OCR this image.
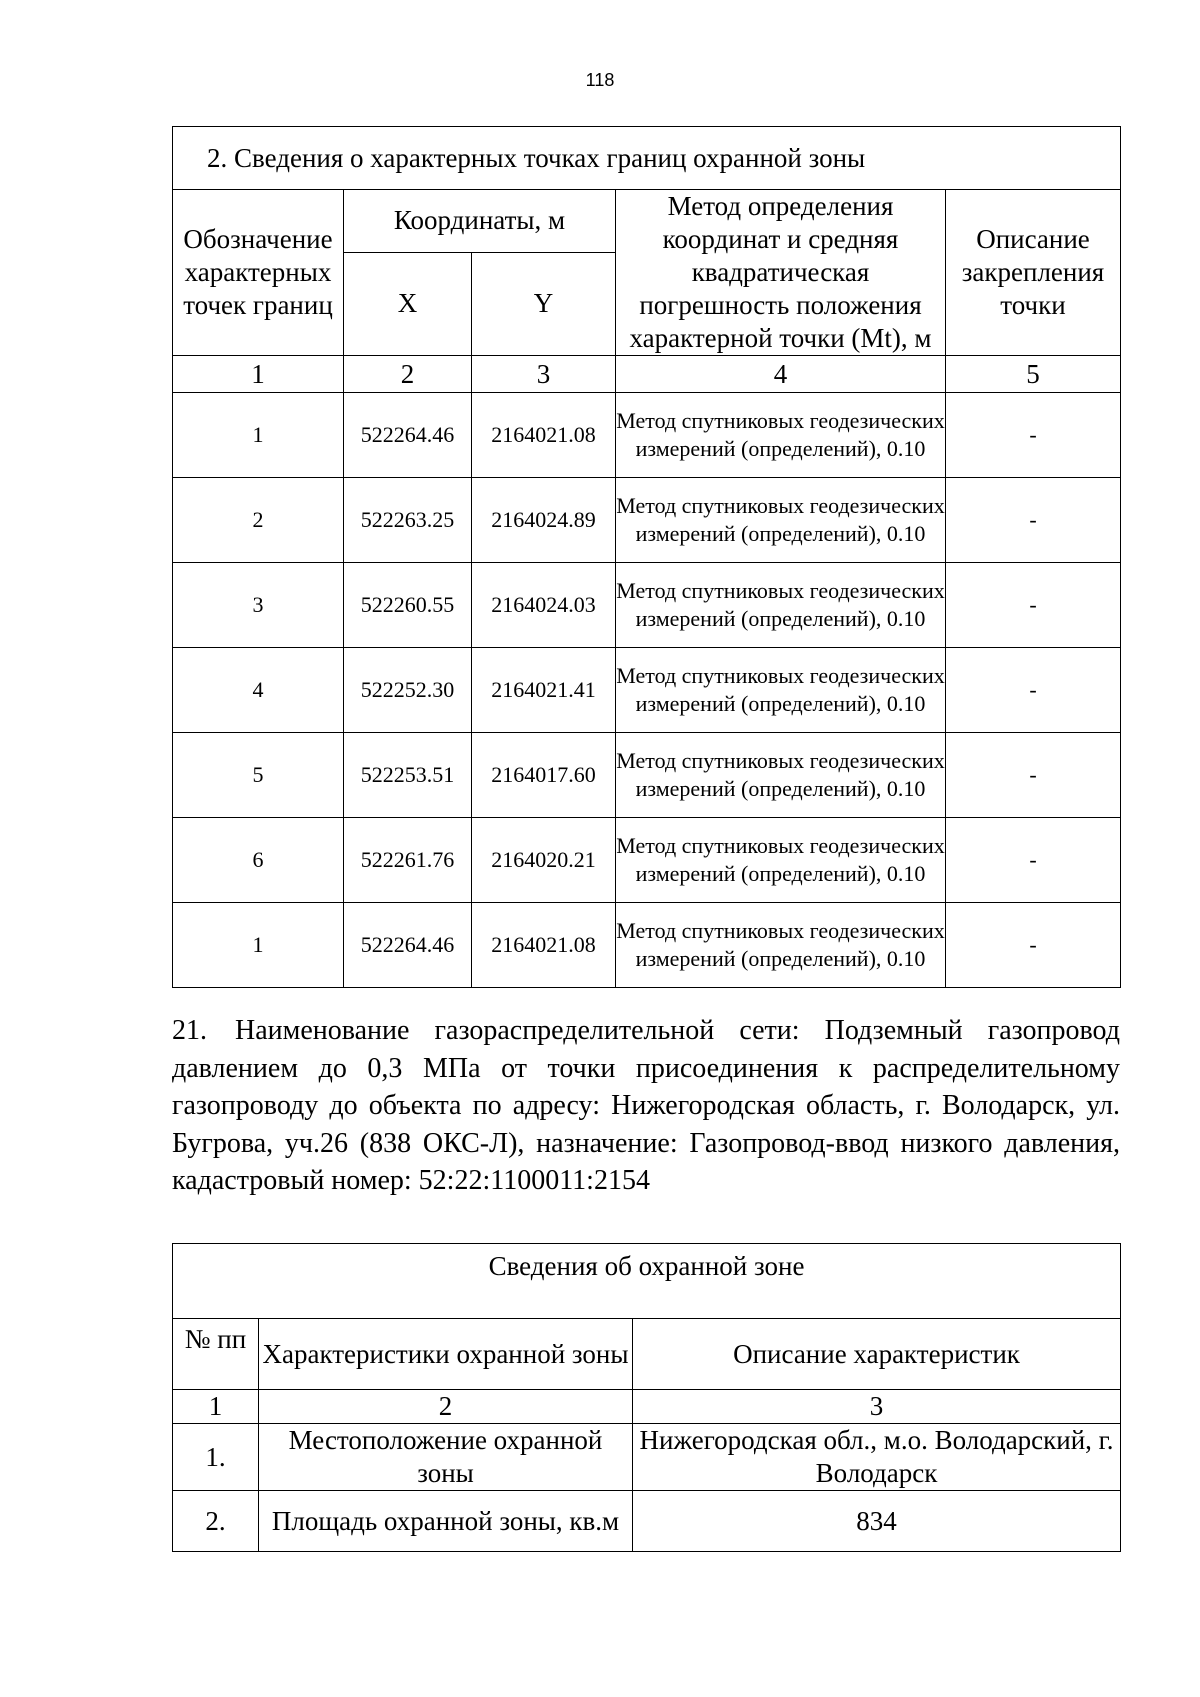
118
2. Сведения о характерных точках границ охранной зоны				
Обозначение характерных точек границ	Координаты, м		Метод определения координат и средняя квадратическая погрешность положения характерной точки (Mt), м	Описание закрепления точки
	X	Y		
1	2	3	4	5
1	522264.46	2164021.08	Метод спутниковых геодезических измерений (определений), 0.10	-
2	522263.25	2164024.89	Метод спутниковых геодезических измерений (определений), 0.10	-
3	522260.55	2164024.03	Метод спутниковых геодезических измерений (определений), 0.10	-
4	522252.30	2164021.41	Метод спутниковых геодезических измерений (определений), 0.10	-
5	522253.51	2164017.60	Метод спутниковых геодезических измерений (определений), 0.10	-
6	522261.76	2164020.21	Метод спутниковых геодезических измерений (определений), 0.10	-
1	522264.46	2164021.08	Метод спутниковых геодезических измерений (определений), 0.10	-
21. Наименование газораспределительной сети: Подземный газопровод давлением до 0,3 МПа от точки присоединения к распределительному газопроводу до объекта по адресу: Нижегородская область, г. Володарск, ул. Бугрова, уч.26 (838 ОКС-Л), назначение: Газопровод-ввод низкого давления, кадастровый номер: 52:22:1100011:2154
Сведения об охранной зоне		
№ пп	Характеристики охранной зоны	Описание характеристик
1	2	3
1.	Местоположение охранной зоны	Нижегородская обл., м.о. Володарский, г. Володарск
2.	Площадь охранной зоны, кв.м	834
